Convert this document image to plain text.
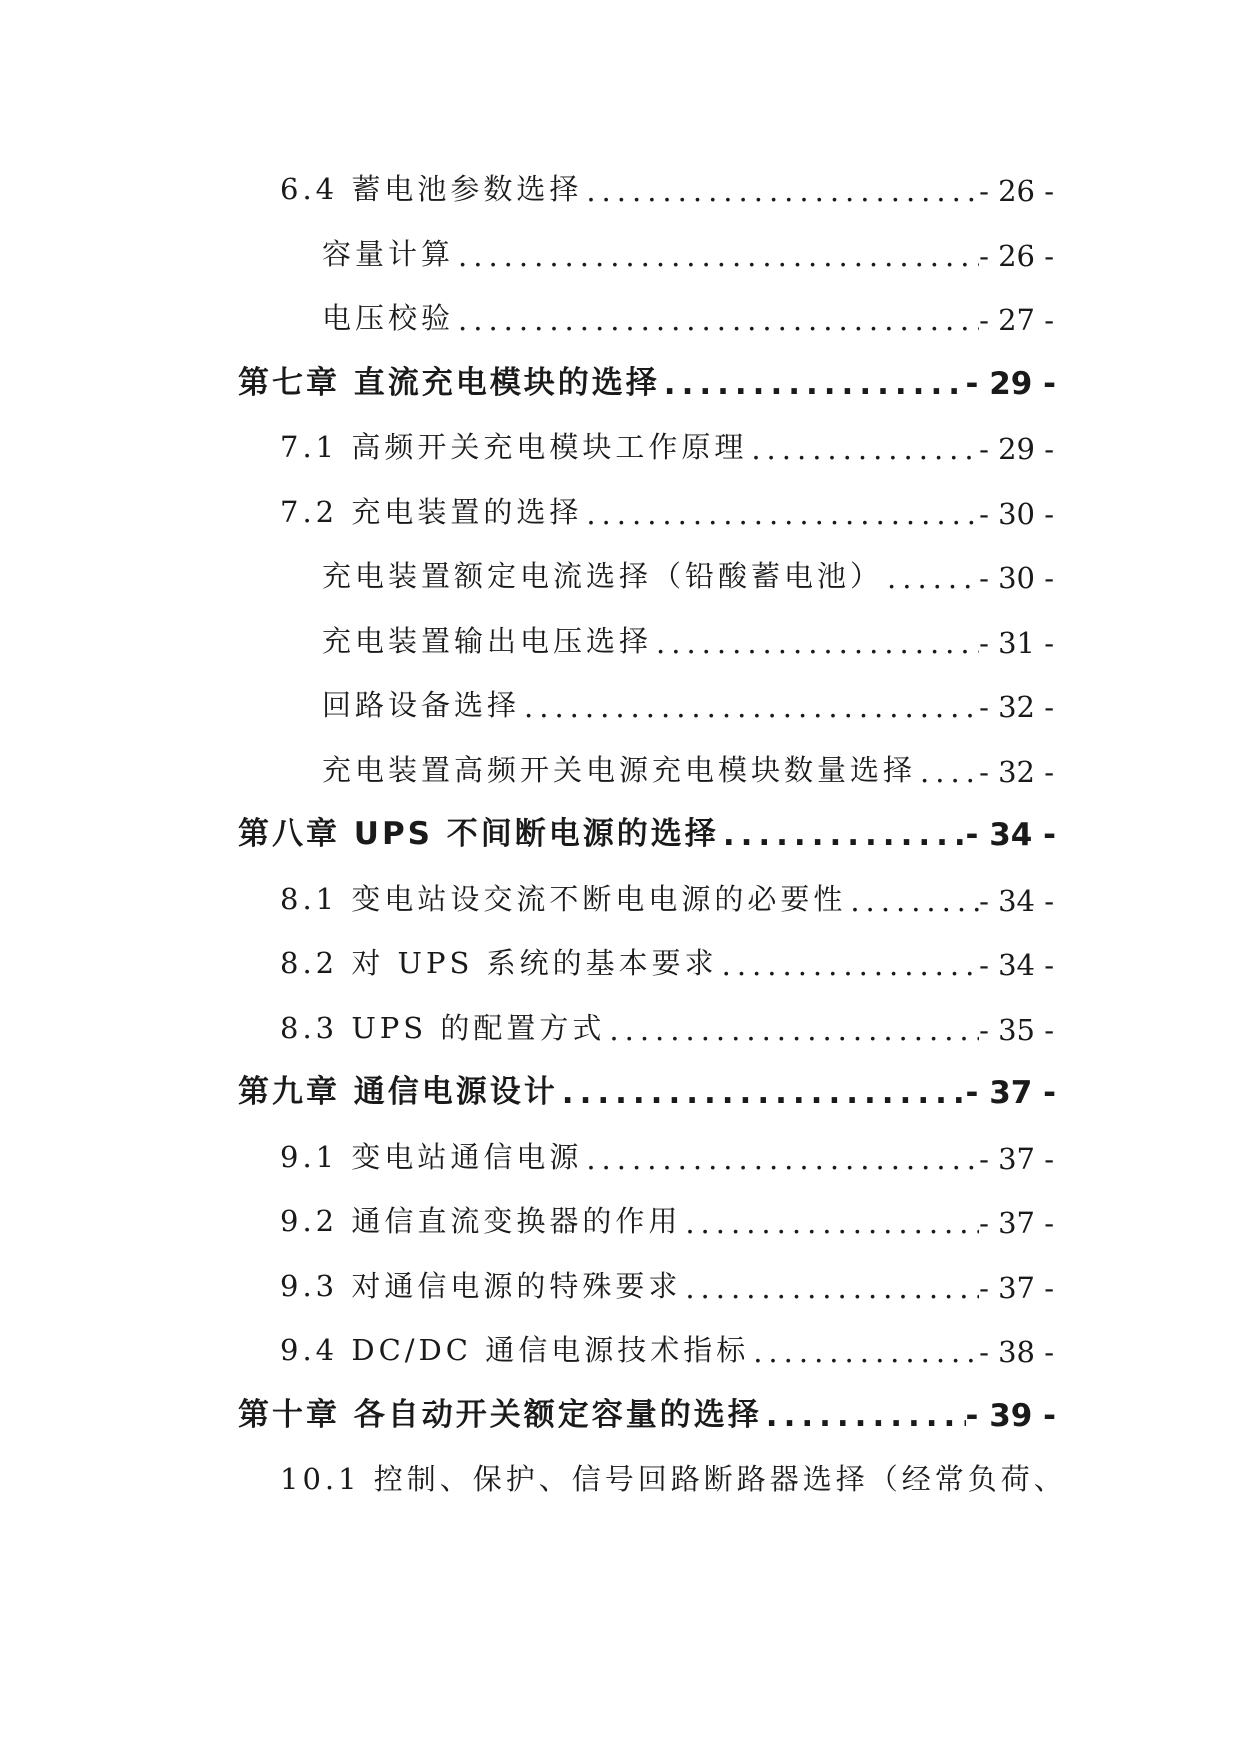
6.4 蓄电池参数选择 .....	- 26 -
容量计算 .....	- 26 -
电压校验 .....	- 27 -
第七章 直流充电模块的选择 .....	- 29 -
7.1 高频开关充电模块工作原理 .....	- 29 -
7.2 充电装置的选择 .....	- 30 -
充电装置额定电流选择（铅酸蓄电池） .....	- 30 -
充电装置输出电压选择 .....	- 31 -
回路设备选择 .....	- 32 -
充电装置高频开关电源充电模块数量选择 ..... - 32 -
第八章 UPS 不间断电源的选择 .....	- 34 -
8.1 变电站设交流不断电电源的必要性 .....	- 34 -
8.2 对 UPS 系统的基本要求 .....	- 34 -
8.3 UPS 的配置方式 .....	- 35 -
第九章 通信电源设计 .....	- 37 -
9.1 变电站通信电源 .....	- 37 -
9.2 通信直流变换器的作用 .....	- 37 -
9.3 对通信电源的特殊要求 .....	- 37 -
9.4 DC/DC 通信电源技术指标 .....	- 38 -
第十章 各自动开关额定容量的选择 .....	- 39 -
10.1 控制、保护、信号回路断路器选择（经常负荷、
